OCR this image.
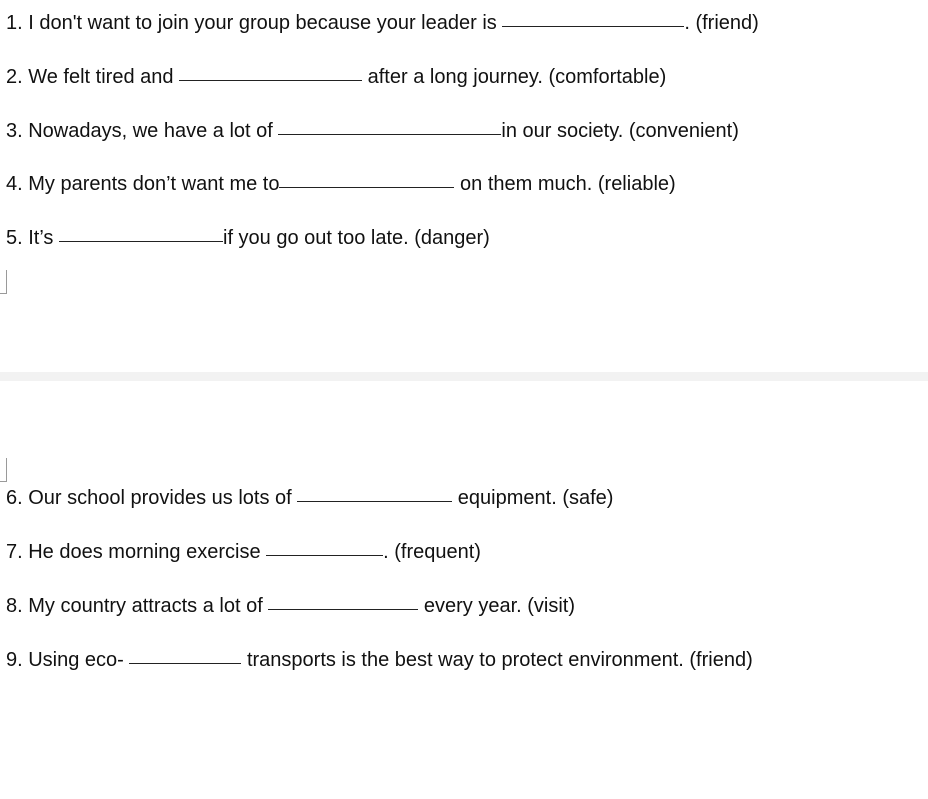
1. I don't want to join your group because your leader is	. (friend)

2. We felt tired and	after a long journey. (comfortable)

3. Nowadays, we have a lot of	in our society. (convenient)

4. My parents don’t want me to	on them much. (reliable)

5. It’s	if you go out too late. (danger)

6. Our school provides us lots of	equipment. (safe)

7. He does morning exercise	. (frequent)

8. My country attracts a lot of	every year. (visit)

9. Using eco-	transports is the best way to protect environment. (friend)
